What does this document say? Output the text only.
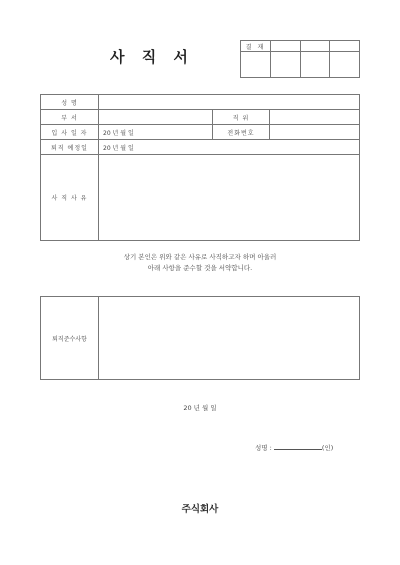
사 직 서
결 재			

성 명			
부 서		직 위	
입 사 일 자	20 년 월 일	전화번호	
퇴직 예정일	20 년 월 일		
사 직 사 유			
상기 본인은 위와 같은 사유로 사직하고자 하며 아울러
아래 사항을 준수할 것을 서약합니다.
퇴직준수사항	
20 년 월 일
성명 :	(인)
주식회사
